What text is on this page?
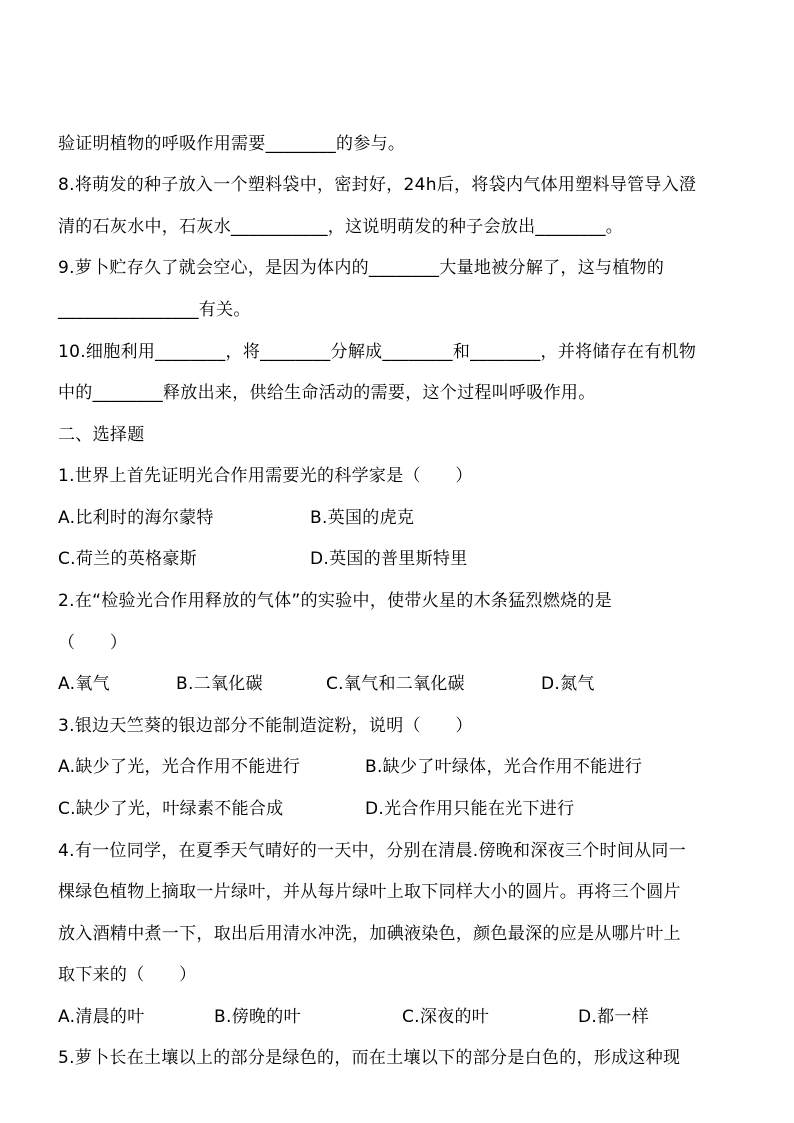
验证明植物的呼吸作用需要________的参与。
8.将萌发的种子放入一个塑料袋中，密封好，24h后，将袋内气体用塑料导管导入澄
清的石灰水中，石灰水___________，这说明萌发的种子会放出________。
9.萝卜贮存久了就会空心，是因为体内的________大量地被分解了，这与植物的
________________有关。
10.细胞利用________，将________分解成________和________，并将储存在有机物
中的________释放出来，供给生命活动的需要，这个过程叫呼吸作用。
二、选择题
1.世界上首先证明光合作用需要光的科学家是（　　）
A.比利时的海尔蒙特	B.英国的虎克
C.荷兰的英格豪斯	D.英国的普里斯特里
2.在“检验光合作用释放的气体”的实验中，使带火星的木条猛烈燃烧的是
（　　）
A.氧气	B.二氧化碳	C.氧气和二氧化碳	D.氮气
3.银边天竺葵的银边部分不能制造淀粉，说明（　　）
A.缺少了光，光合作用不能进行	B.缺少了叶绿体，光合作用不能进行
C.缺少了光，叶绿素不能合成	D.光合作用只能在光下进行
4.有一位同学，在夏季天气晴好的一天中，分别在清晨.傍晚和深夜三个时间从同一
棵绿色植物上摘取一片绿叶，并从每片绿叶上取下同样大小的圆片。再将三个圆片
放入酒精中煮一下，取出后用清水冲洗，加碘液染色，颜色最深的应是从哪片叶上
取下来的（　　）
A.清晨的叶	B.傍晚的叶	C.深夜的叶	D.都一样
5.萝卜长在土壤以上的部分是绿色的，而在土壤以下的部分是白色的，形成这种现
